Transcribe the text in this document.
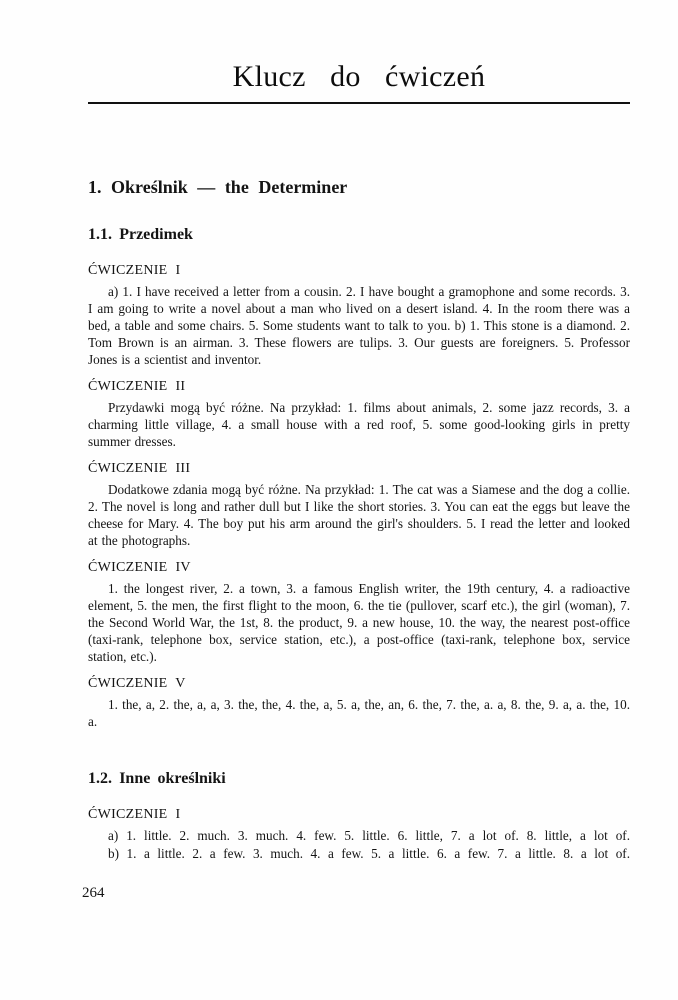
Klucz do ćwiczeń
1. Określnik — the Determiner
1.1. Przedimek
ĆWICZENIE I
a) 1. I have received a letter from a cousin. 2. I have bought a gramophone and some records. 3. I am going to write a novel about a man who lived on a desert island. 4. In the room there was a bed, a table and some chairs. 5. Some students want to talk to you. b) 1. This stone is a diamond. 2. Tom Brown is an airman. 3. These flowers are tulips. 3. Our guests are foreigners. 5. Professor Jones is a scientist and inventor.
ĆWICZENIE II
Przydawki mogą być różne. Na przykład: 1. films about animals, 2. some jazz records, 3. a charming little village, 4. a small house with a red roof, 5. some good-looking girls in pretty summer dresses.
ĆWICZENIE III
Dodatkowe zdania mogą być różne. Na przykład: 1. The cat was a Siamese and the dog a collie. 2. The novel is long and rather dull but I like the short stories. 3. You can eat the eggs but leave the cheese for Mary. 4. The boy put his arm around the girl's shoulders. 5. I read the letter and looked at the photographs.
ĆWICZENIE IV
1. the longest river, 2. a town, 3. a famous English writer, the 19th century, 4. a radioactive element, 5. the men, the first flight to the moon, 6. the tie (pullover, scarf etc.), the girl (woman), 7. the Second World War, the 1st, 8. the product, 9. a new house, 10. the way, the nearest post-office (taxi-rank, telephone box, service station, etc.), a post-office (taxi-rank, telephone box, service station, etc.).
ĆWICZENIE V
1. the, a, 2. the, a, a, 3. the, the, 4. the, a, 5. a, the, an, 6. the, 7. the, a. a, 8. the, 9. a, a. the, 10. a.
1.2. Inne określniki
ĆWICZENIE I
a) 1. little. 2. much. 3. much. 4. few. 5. little. 6. little, 7. a lot of. 8. little, a lot of.
b) 1. a little. 2. a few. 3. much. 4. a few. 5. a little. 6. a few. 7. a little. 8. a lot of.
264
